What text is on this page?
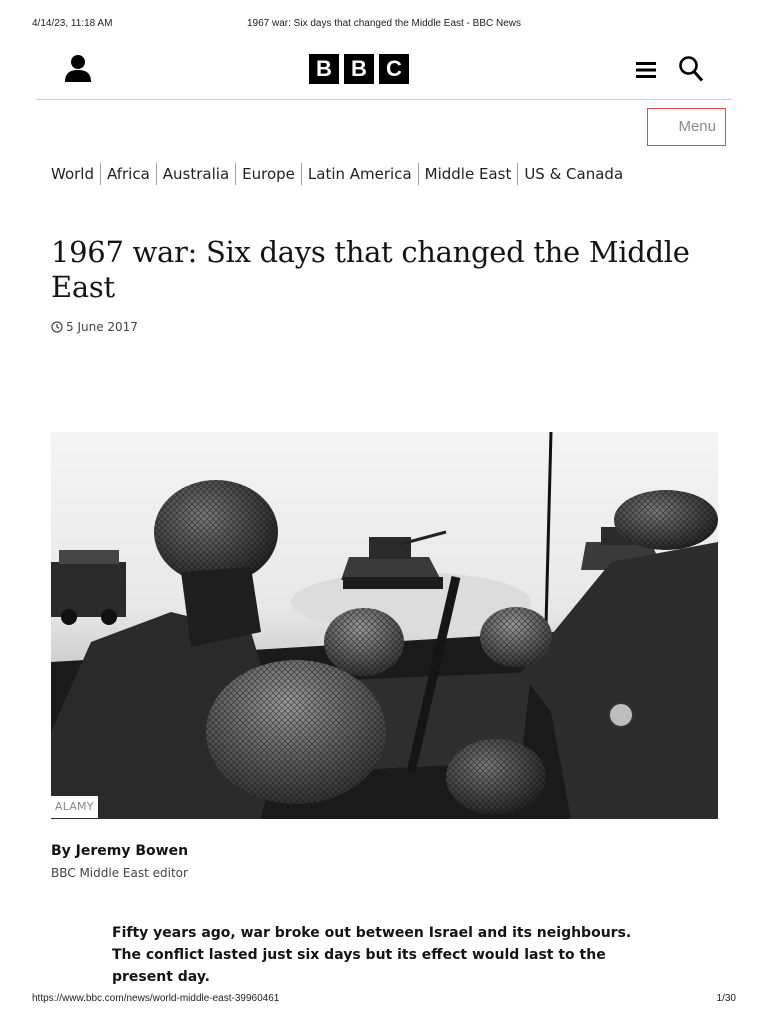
4/14/23, 11:18 AM	1967 war: Six days that changed the Middle East - BBC News
B B C
Menu
World Africa Australia Europe Latin America Middle East US & Canada
1967 war: Six days that changed the Middle East
5 June 2017
ALAMY
By Jeremy Bowen
BBC Middle East editor

Fifty years ago, war broke out between Israel and its neighbours. The conflict lasted just six days but its effect would last to the present day.

https://www.bbc.com/news/world-middle-east-39960461	1/30
